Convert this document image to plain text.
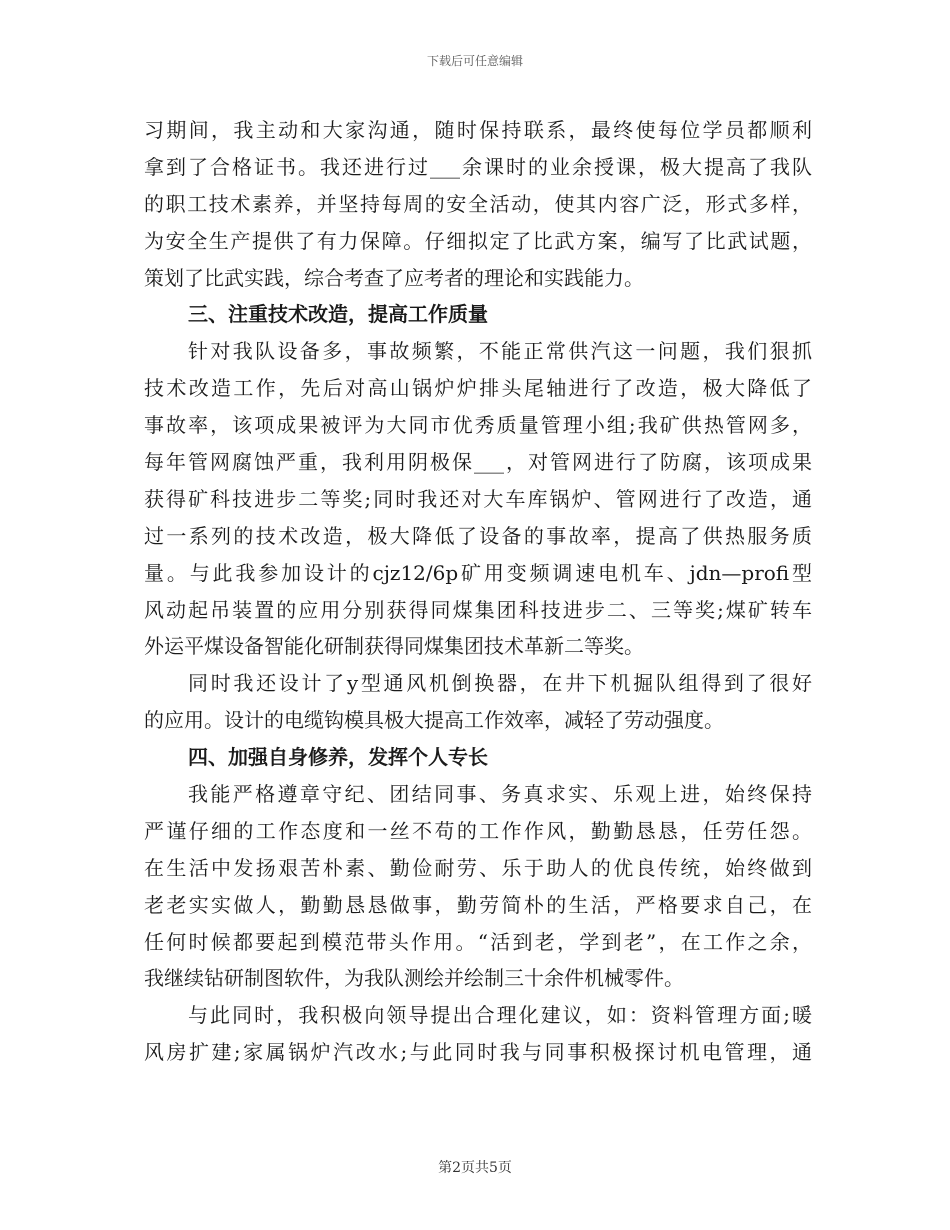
下载后可任意编辑
习期间，我主动和大家沟通，随时保持联系，最终使每位学员都顺利
拿到了合格证书。我还进行过___余课时的业余授课，极大提高了我队
的职工技术素养，并坚持每周的安全活动，使其内容广泛，形式多样，
为安全生产提供了有力保障。仔细拟定了比武方案，编写了比武试题，
策划了比武实践，综合考查了应考者的理论和实践能力。
三、注重技术改造，提高工作质量
针对我队设备多，事故频繁，不能正常供汽这一问题，我们狠抓
技术改造工作，先后对高山锅炉炉排头尾轴进行了改造，极大降低了
事故率，该项成果被评为大同市优秀质量管理小组;我矿供热管网多，
每年管网腐蚀严重，我利用阴极保___，对管网进行了防腐，该项成果
获得矿科技进步二等奖;同时我还对大车库锅炉、管网进行了改造，通
过一系列的技术改造，极大降低了设备的事故率，提高了供热服务质
量。与此我参加设计的cjz12/6p矿用变频调速电机车、jdn—profi型
风动起吊装置的应用分别获得同煤集团科技进步二、三等奖;煤矿转车
外运平煤设备智能化研制获得同煤集团技术革新二等奖。
同时我还设计了y型通风机倒换器，在井下机掘队组得到了很好
的应用。设计的电缆钩模具极大提高工作效率，减轻了劳动强度。
四、加强自身修养，发挥个人专长
我能严格遵章守纪、团结同事、务真求实、乐观上进，始终保持
严谨仔细的工作态度和一丝不苟的工作作风，勤勤恳恳，任劳任怨。
在生活中发扬艰苦朴素、勤俭耐劳、乐于助人的优良传统，始终做到
老老实实做人，勤勤恳恳做事，勤劳简朴的生活，严格要求自己，在
任何时候都要起到模范带头作用。“活到老，学到老”，在工作之余，
我继续钻研制图软件，为我队测绘并绘制三十余件机械零件。
与此同时，我积极向领导提出合理化建议，如：资料管理方面;暖
风房扩建;家属锅炉汽改水;与此同时我与同事积极探讨机电管理，通
第2页共5页
